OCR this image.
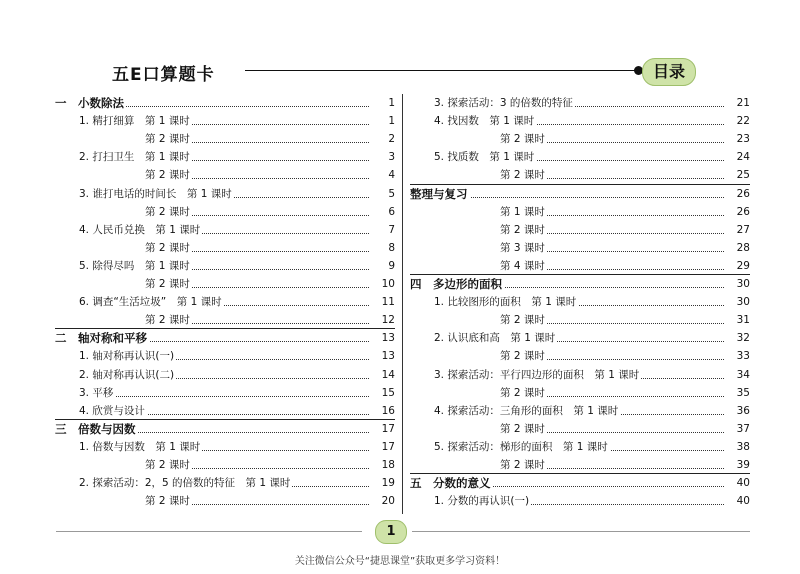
五E口算题卡	目录
一　小数除法	1
1. 精打细算　第 1 课时	1
第 2 课时	2
2. 打扫卫生　第 1 课时	3
第 2 课时	4
3. 谁打电话的时间长　第 1 课时	5
第 2 课时	6
4. 人民币兑换　第 1 课时	7
第 2 课时	8
5. 除得尽吗　第 1 课时	9
第 2 课时	10
6. 调查“生活垃圾”　第 1 课时	11
第 2 课时	12
二　轴对称和平移	13
1. 轴对称再认识(一)	13
2. 轴对称再认识(二)	14
3. 平移	15
4. 欣赏与设计	16
三　倍数与因数	17
1. 倍数与因数　第 1 课时	17
第 2 课时	18
2. 探索活动：2，5 的倍数的特征　第 1 课时	19
第 2 课时	20
3. 探索活动：3 的倍数的特征	21
4. 找因数　第 1 课时	22
第 2 课时	23
5. 找质数　第 1 课时	24
第 2 课时	25
整理与复习	26
第 1 课时	26
第 2 课时	27
第 3 课时	28
第 4 课时	29
四　多边形的面积	30
1. 比较图形的面积　第 1 课时	30
第 2 课时	31
2. 认识底和高　第 1 课时	32
第 2 课时	33
3. 探索活动：平行四边形的面积　第 1 课时	34
第 2 课时	35
4. 探索活动：三角形的面积　第 1 课时	36
第 2 课时	37
5. 探索活动：梯形的面积　第 1 课时	38
第 2 课时	39
五　分数的意义	40
1. 分数的再认识(一)	40
1
关注微信公众号“捷思课堂”获取更多学习资料！
